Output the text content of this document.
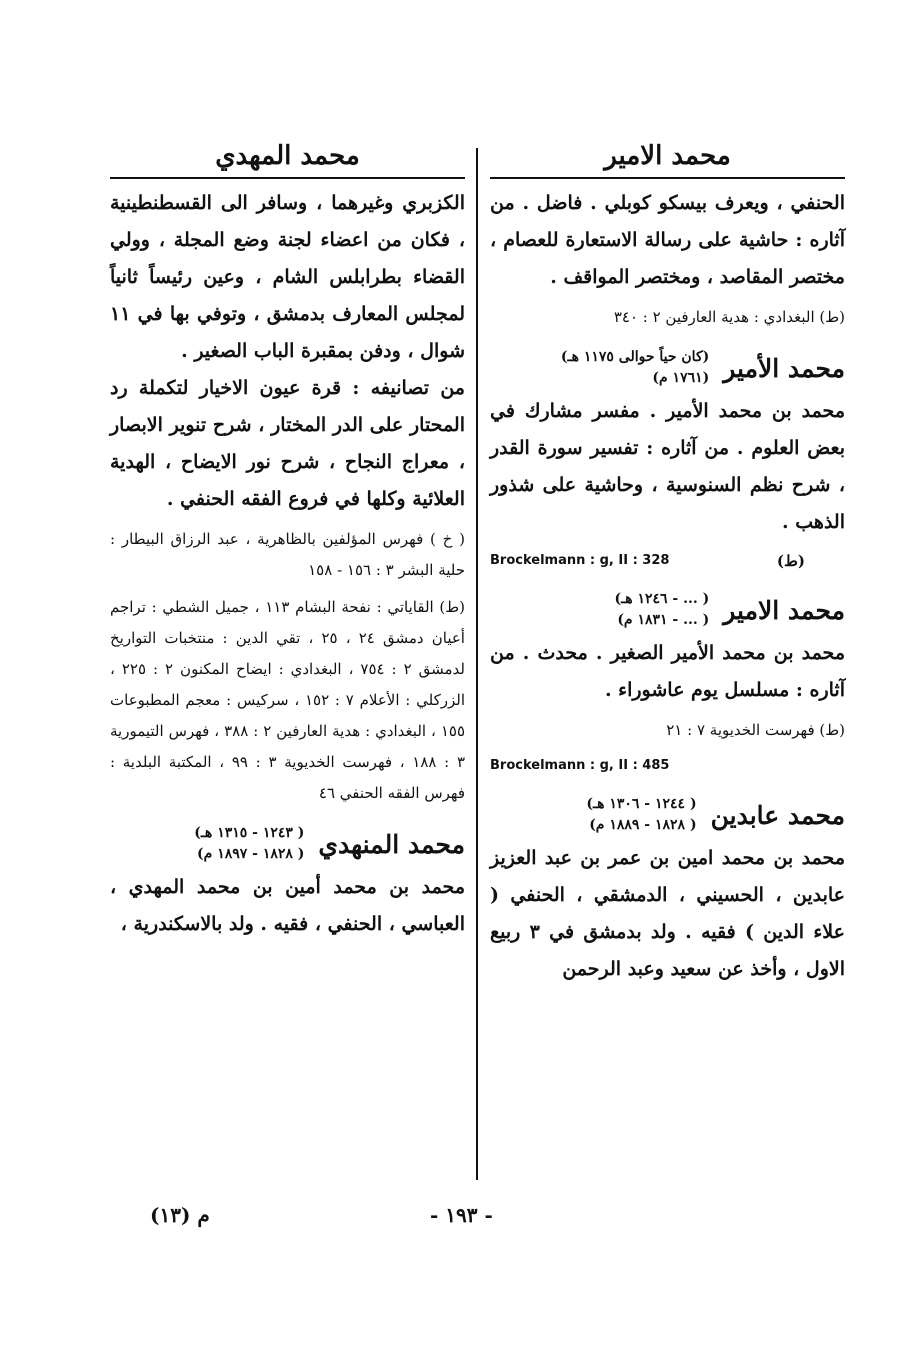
محمد الامير

الحنفي ، ويعرف بيسكو كوبلي . فاضل . من آثاره : حاشية على رسالة الاستعارة للعصام ، مختصر المقاصد ، ومختصر المواقف .

(ط) البغدادي : هدية العارفين ٢ : ٣٤٠

محمد الأمير
(كان حياً حوالى ١١٧٥ هـ)
(١٧٦١ م)

محمد بن محمد الأمير . مفسر مشارك في بعض العلوم . من آثاره : تفسير سورة القدر ، شرح نظم السنوسية ، وحاشية على شذور الذهب .

(ط)
Brockelmann : g, II : 328
محمد الامير
( ... - ١٢٤٦ هـ)
( ... - ١٨٣١ م)

محمد بن محمد الأمير الصغير . محدث . من آثاره : مسلسل يوم عاشوراء .

(ط) فهرست الخديوية ٧ : ٢١

Brockelmann : g, II : 485
محمد عابدين
( ١٢٤٤ - ١٣٠٦ هـ)
( ١٨٢٨ - ١٨٨٩ م)

محمد بن محمد امين بن عمر بن عبد العزيز عابدين ، الحسيني ، الدمشقي ، الحنفي ( علاء الدين ) فقيه . ولد بدمشق في ٣ ربيع الاول ، وأخذ عن سعيد وعبد الرحمن

محمد المهدي

الكزبري وغيرهما ، وسافر الى القسطنطينية ، فكان من اعضاء لجنة وضع المجلة ، وولي القضاء بطرابلس الشام ، وعين رئيساً ثانياً لمجلس المعارف بدمشق ، وتوفي بها في ١١ شوال ، ودفن بمقبرة الباب الصغير .

من تصانيفه : قرة عيون الاخيار لتكملة رد المحتار على الدر المختار ، شرح تنوير الابصار ، معراج النجاح ، شرح نور الايضاح ، الهدية العلائية وكلها في فروع الفقه الحنفي .

( خ ) فهرس المؤلفين بالظاهرية ، عبد الرزاق البيطار : حلية البشر ٣ : ١٥٦ - ١٥٨

(ط) القاياتي : نفحة البشام ١١٣ ، جميل الشطي : تراجم أعيان دمشق ٢٤ ، ٢٥ ، تقي الدين : منتخبات التواريخ لدمشق ٢ : ٧٥٤ ، البغدادي : ايضاح المكنون ٢ : ٢٢٥ ، الزركلي : الأعلام ٧ : ١٥٢ ، سركيس : معجم المطبوعات ١٥٥ ، البغدادي : هدية العارفين ٢ : ٣٨٨ ، فهرس التيمورية ٣ : ١٨٨ ، فهرست الخديوية ٣ : ٩٩ ، المكتبة البلدية : فهرس الفقه الحنفي ٤٦

محمد المنهدي
( ١٢٤٣ - ١٣١٥ هـ)
( ١٨٢٨ - ١٨٩٧ م)

محمد بن محمد أمين بن محمد المهدي ، العباسي ، الحنفي ، فقيه . ولد بالاسكندرية ،

م (١٣)	- ١٩٣ -
